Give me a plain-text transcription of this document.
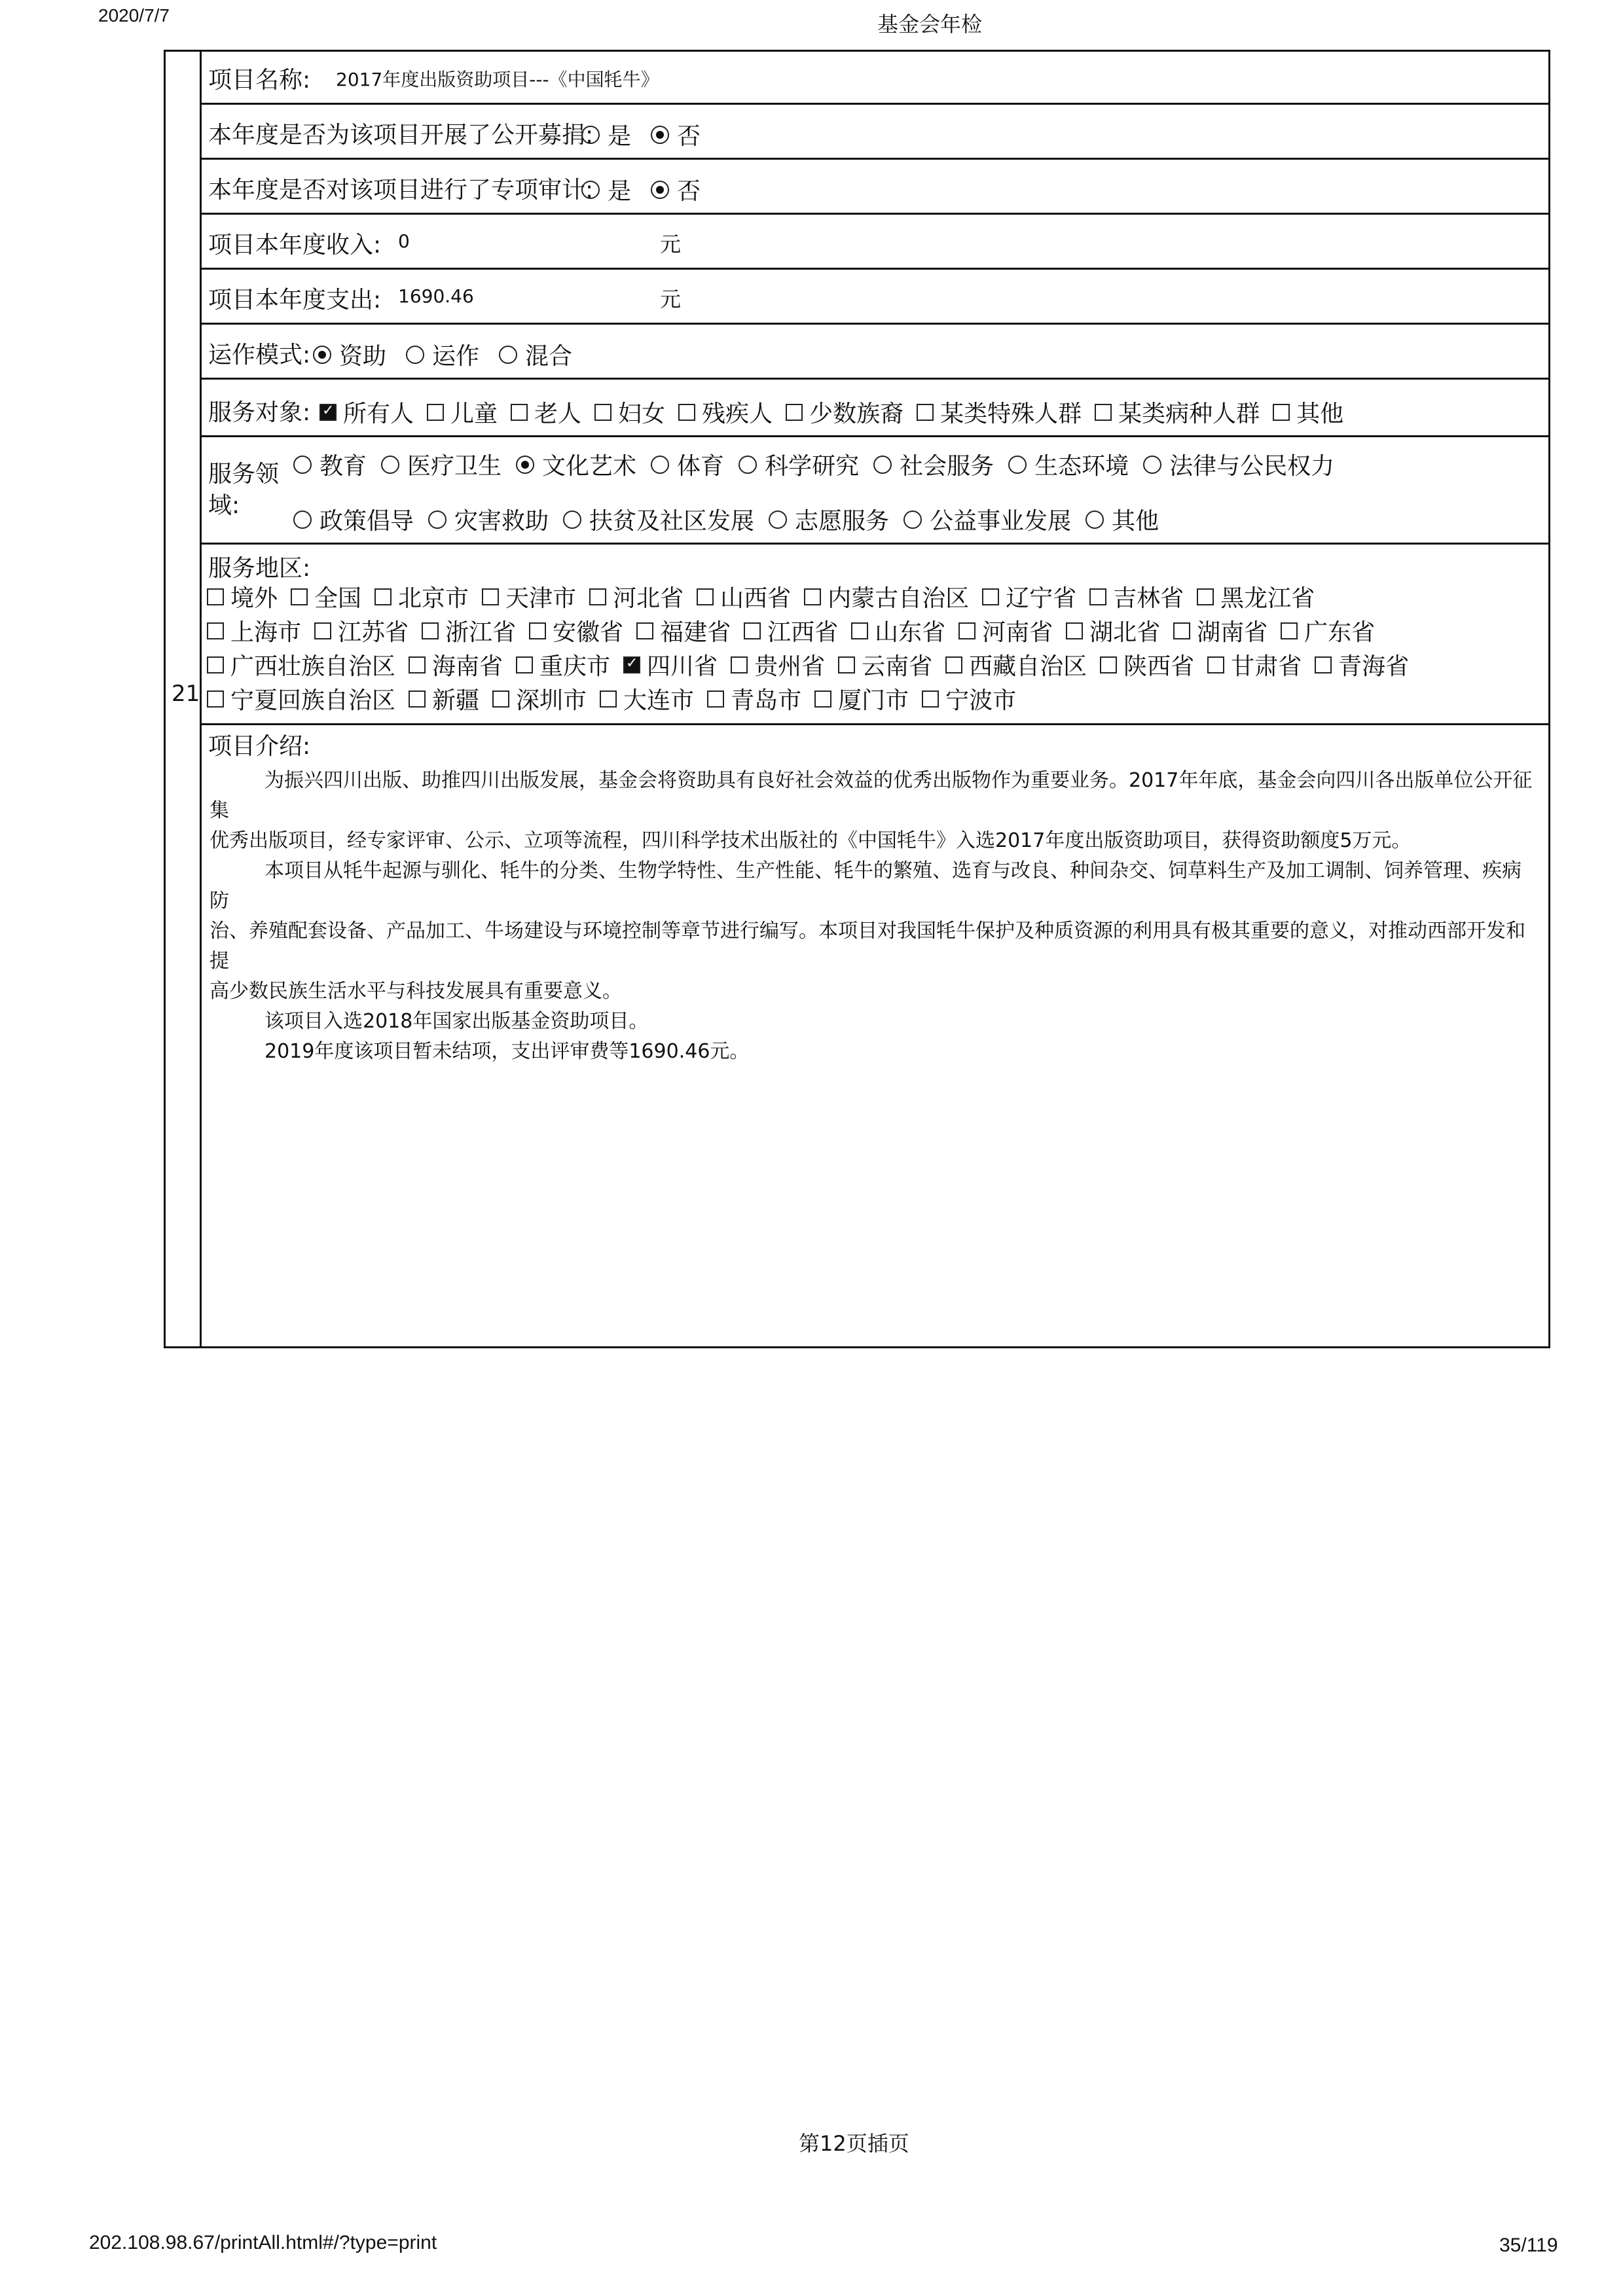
2020/7/7	基金会年检
21
项目名称: 2017年度出版资助项目---《中国牦牛》
本年度是否为该项目开展了公开募捐: 是 否
本年度是否对该项目进行了专项审计: 是 否
项目本年度收入: 0	元
项目本年度支出: 1690.46	元
运作模式: 资助 运作 混合
服务对象: ✓ 所有人 儿童 老人 妇女 残疾人 少数族裔 某类特殊人群 某类病种人群 其他
服务领
域:
教育 医疗卫生 文化艺术 体育 科学研究 社会服务 生态环境 法律与公民权力
政策倡导 灾害救助 扶贫及社区发展 志愿服务 公益事业发展 其他
服务地区:
境外 全国 北京市 天津市 河北省 山西省 内蒙古自治区 辽宁省 吉林省 黑龙江省
上海市 江苏省 浙江省 安徽省 福建省 江西省 山东省 河南省 湖北省 湖南省 广东省
广西壮族自治区 海南省 重庆市 ✓ 四川省 贵州省 云南省 西藏自治区 陕西省 甘肃省 青海省
宁夏回族自治区 新疆 深圳市 大连市 青岛市 厦门市 宁波市
项目介绍:

为振兴四川出版、助推四川出版发展，基金会将资助具有良好社会效益的优秀出版物作为重要业务。2017年年底，基金会向四川各出版单位公开征集

优秀出版项目，经专家评审、公示、立项等流程，四川科学技术出版社的《中国牦牛》入选2017年度出版资助项目，获得资助额度5万元。

本项目从牦牛起源与驯化、牦牛的分类、生物学特性、生产性能、牦牛的繁殖、选育与改良、种间杂交、饲草料生产及加工调制、饲养管理、疾病防

治、养殖配套设备、产品加工、牛场建设与环境控制等章节进行编写。本项目对我国牦牛保护及种质资源的利用具有极其重要的意义，对推动西部开发和提

高少数民族生活水平与科技发展具有重要意义。

该项目入选2018年国家出版基金资助项目。

2019年度该项目暂未结项，支出评审费等1690.46元。

第12页插页
202.108.98.67/printAll.html#/?type=print	35/119
